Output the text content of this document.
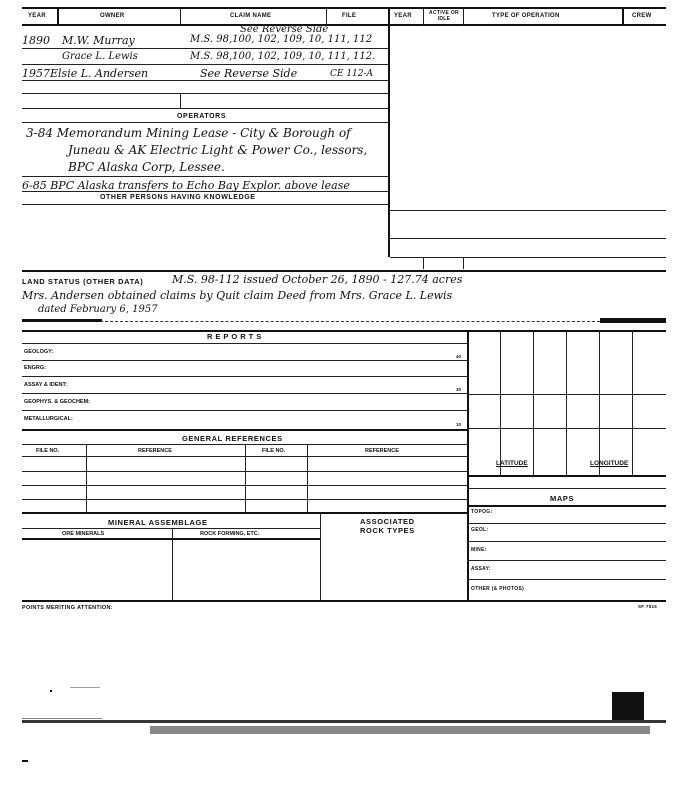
YEAR	OWNER	CLAIM NAME	FILE	YEAR	ACTIVE OR IDLE	TYPE OF OPERATION	CREW
See Reverse Side
1890 M.W. Murray	M.S. 98,100, 102, 109, 10, 111, 112
Grace L. Lewis	M.S. 98,100, 102, 109, 10, 111, 112.
1957 Elsie L. Andersen	See Reverse Side	CE 112-A
OPERATORS
3-84 Memorandum Mining Lease - City & Borough of
Juneau & AK Electric Light & Power Co., lessors,
BPC Alaska Corp, Lessee.
6-85 BPC Alaska transfers to Echo Bay Explor. above lease
OTHER PERSONS HAVING KNOWLEDGE
LAND STATUS (OTHER DATA)	M.S. 98-112 issued October 26, 1890 - 127.74 acres
Mrs. Andersen obtained claims by Quit claim Deed from Mrs. Grace L. Lewis
dated February 6, 1957
REPORTS
GEOLOGY:
40
ENGRG:
ASSAY & IDENT:
30
GEOPHYS. & GEOCHEM:
METALLURGICAL:
10
GENERAL REFERENCES
FILE NO.	REFERENCE	FILE NO.	REFERENCE
MINERAL ASSEMBLAGE	ASSOCIATED
ROCK TYPES
ORE MINERALS	ROCK FORMING, ETC.
LATITUDE	LONGITUDE
MAPS
TOPOG:
GEOL:
MINE:
ASSAY:
OTHER (& PHOTOS)
POINTS MERITING ATTENTION:	SF 7515
